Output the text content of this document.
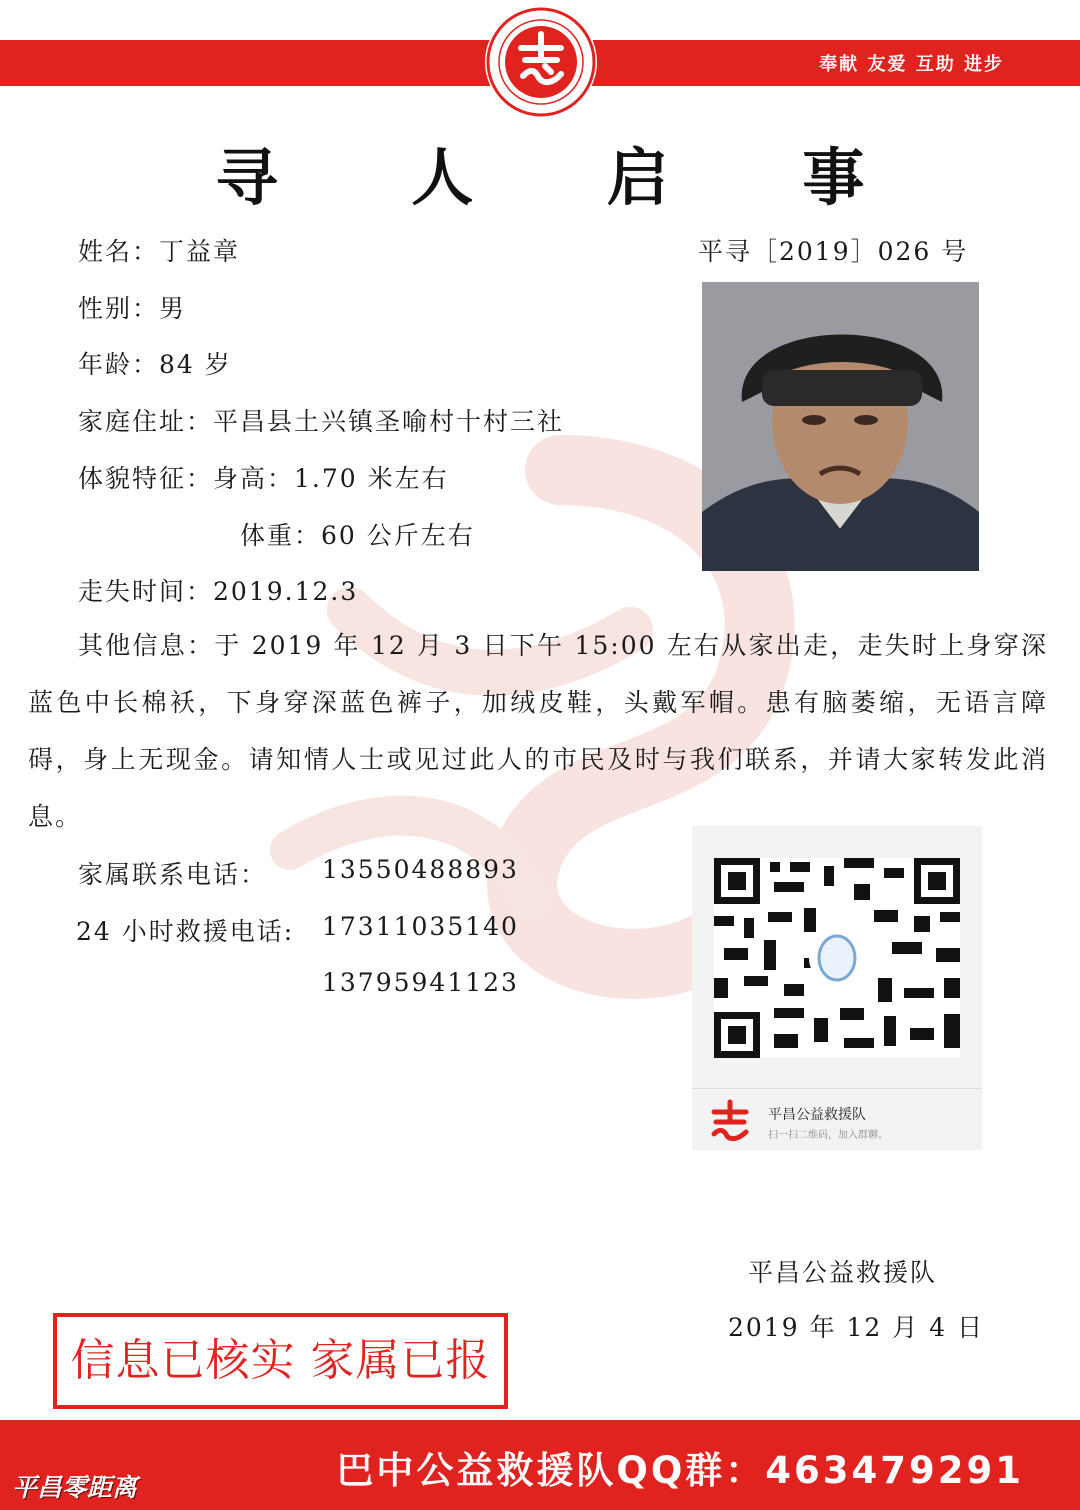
奉献 友爱 互助 进步
寻 人 启 事
姓名：丁益章	平寻［2019］026 号
性别：男
年龄：84 岁
家庭住址：平昌县土兴镇圣喻村十村三社
体貌特征：身高：1.70 米左右
体重：60 公斤左右
走失时间：2019.12.3
其他信息：于 2019 年 12 月 3 日下午 15:00 左右从家出走，走失时上身穿深蓝色中长棉袄，下身穿深蓝色裤子，加绒皮鞋，头戴军帽。患有脑萎缩，无语言障碍，身上无现金。请知情人士或见过此人的市民及时与我们联系，并请大家转发此消息。
家属联系电话： 13550488893
24 小时救援电话: 17311035140
13795941123
平昌公益救援队
扫一扫二维码，加入群聊。
平昌公益救援队
2019 年 12 月 4 日
信息已核实 家属已报
巴中公益救援队QQ群：463479291
平昌零距离
